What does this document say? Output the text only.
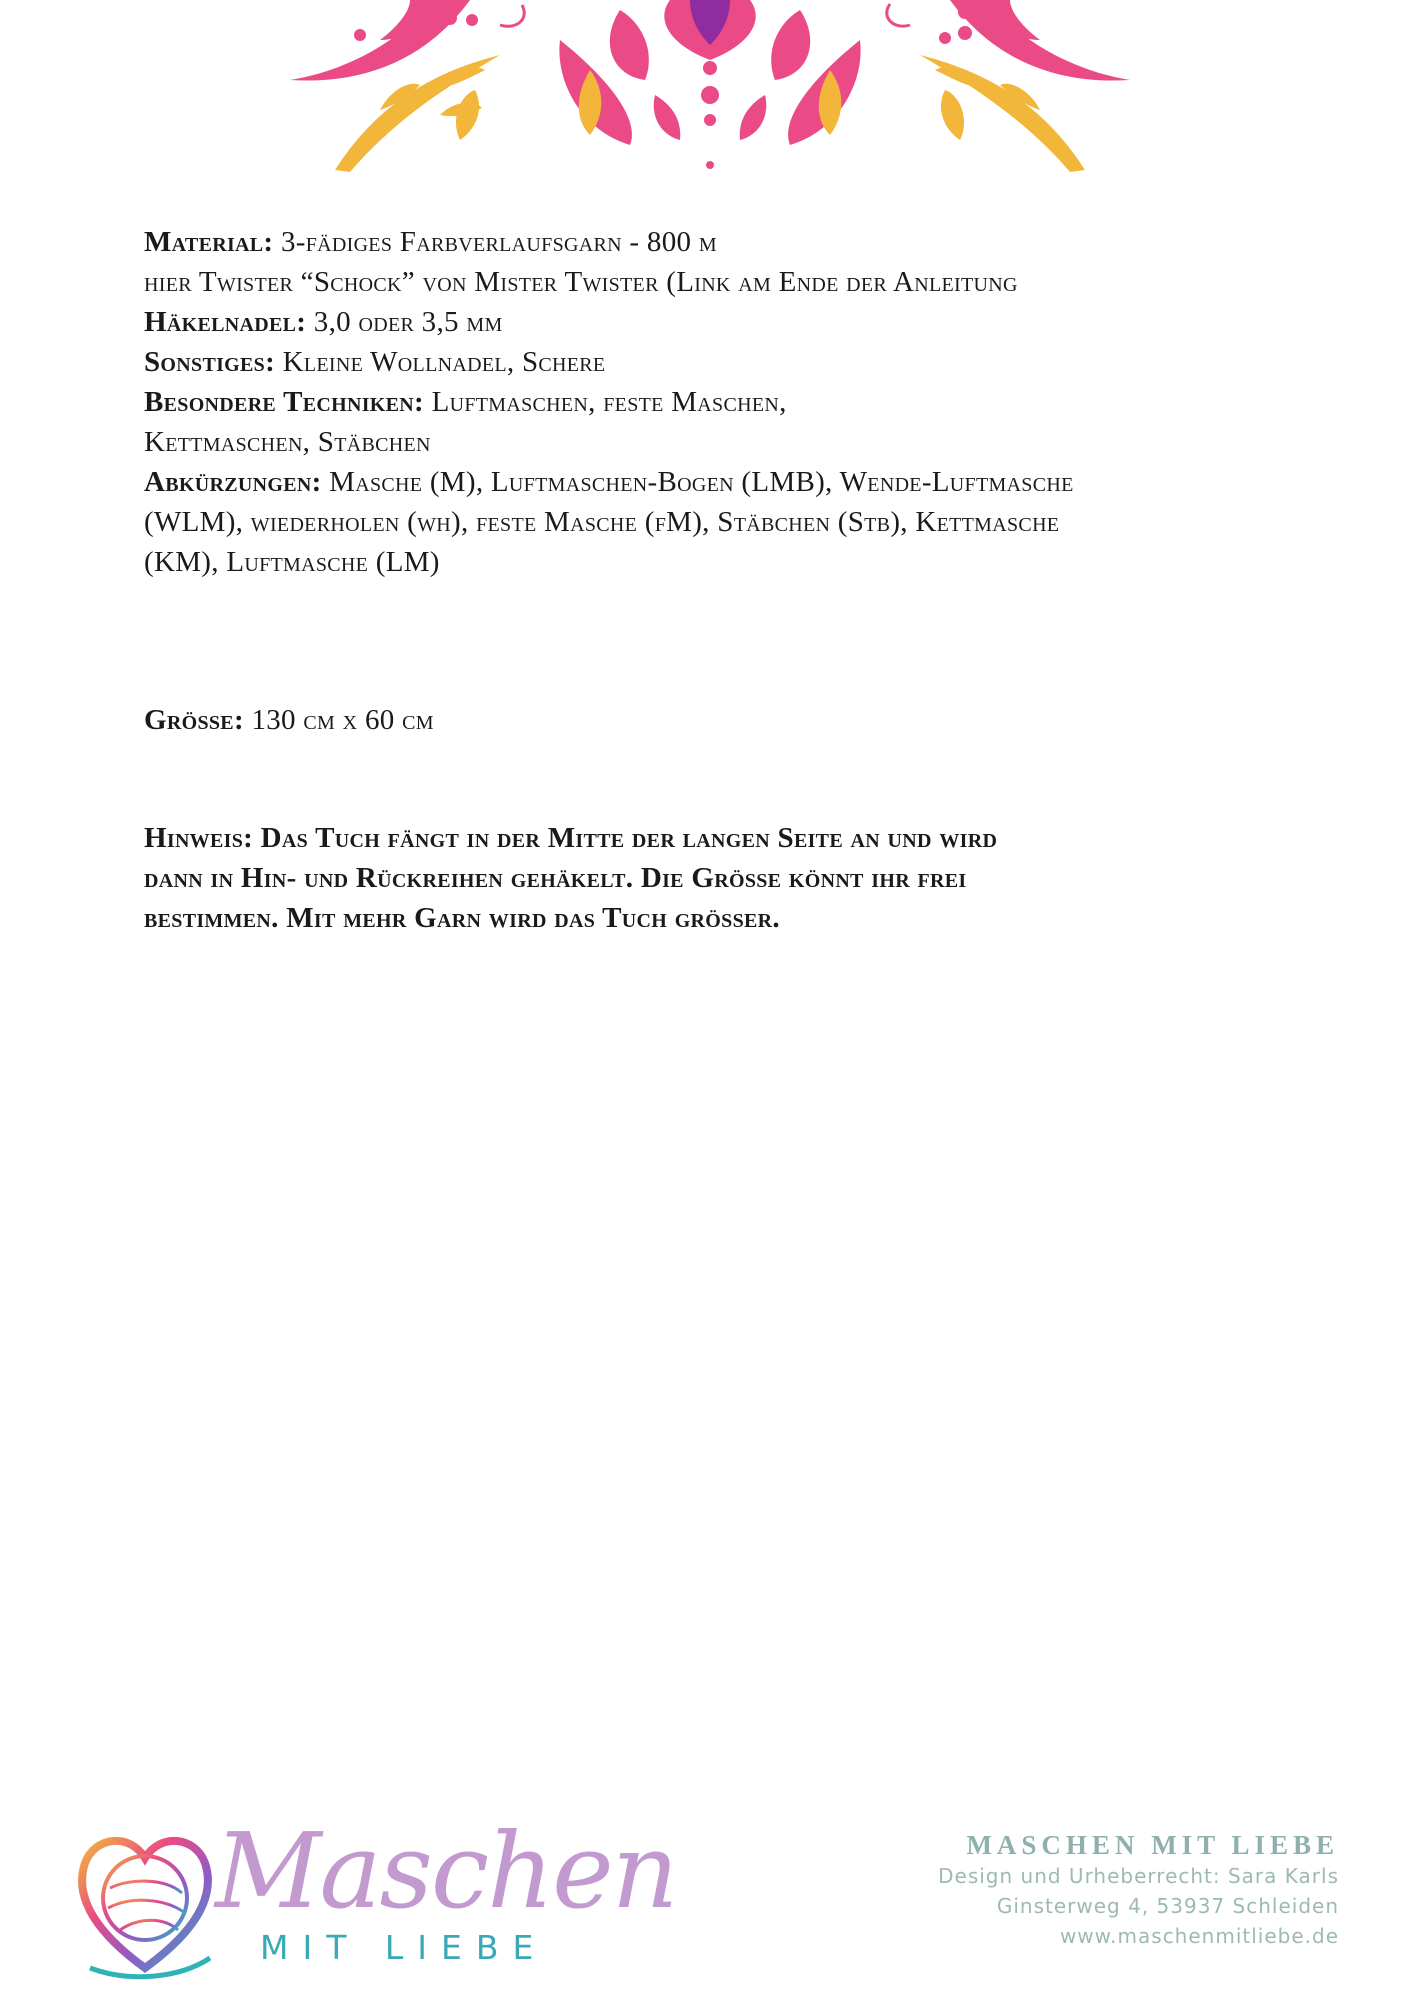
Material: 3-fädiges Farbverlaufsgarn - 800 m
hier Twister “Schock” von Mister Twister (Link am Ende der Anleitung
Häkelnadel: 3,0 oder 3,5 mm
Sonstiges: Kleine Wollnadel, Schere
Besondere Techniken: Luftmaschen, feste Maschen,
Kettmaschen, Stäbchen
Abkürzungen: Masche (M), Luftmaschen-Bogen (LMB), Wende-Luftmasche
(WLM), wiederholen (wh), feste Masche (fM), Stäbchen (Stb), Kettmasche
(KM), Luftmasche (LM)
Grösse: 130 cm x 60 cm
Hinweis: Das Tuch fängt in der Mitte der langen Seite an und wird
dann in Hin- und Rückreihen gehäkelt. Die Grösse könnt ihr frei
bestimmen. Mit mehr Garn wird das Tuch grösser.
Maschen
MIT LIEBE
MASCHEN MIT LIEBE
Design und Urheberrecht: Sara Karls
Ginsterweg 4, 53937 Schleiden
www.maschenmitliebe.de
